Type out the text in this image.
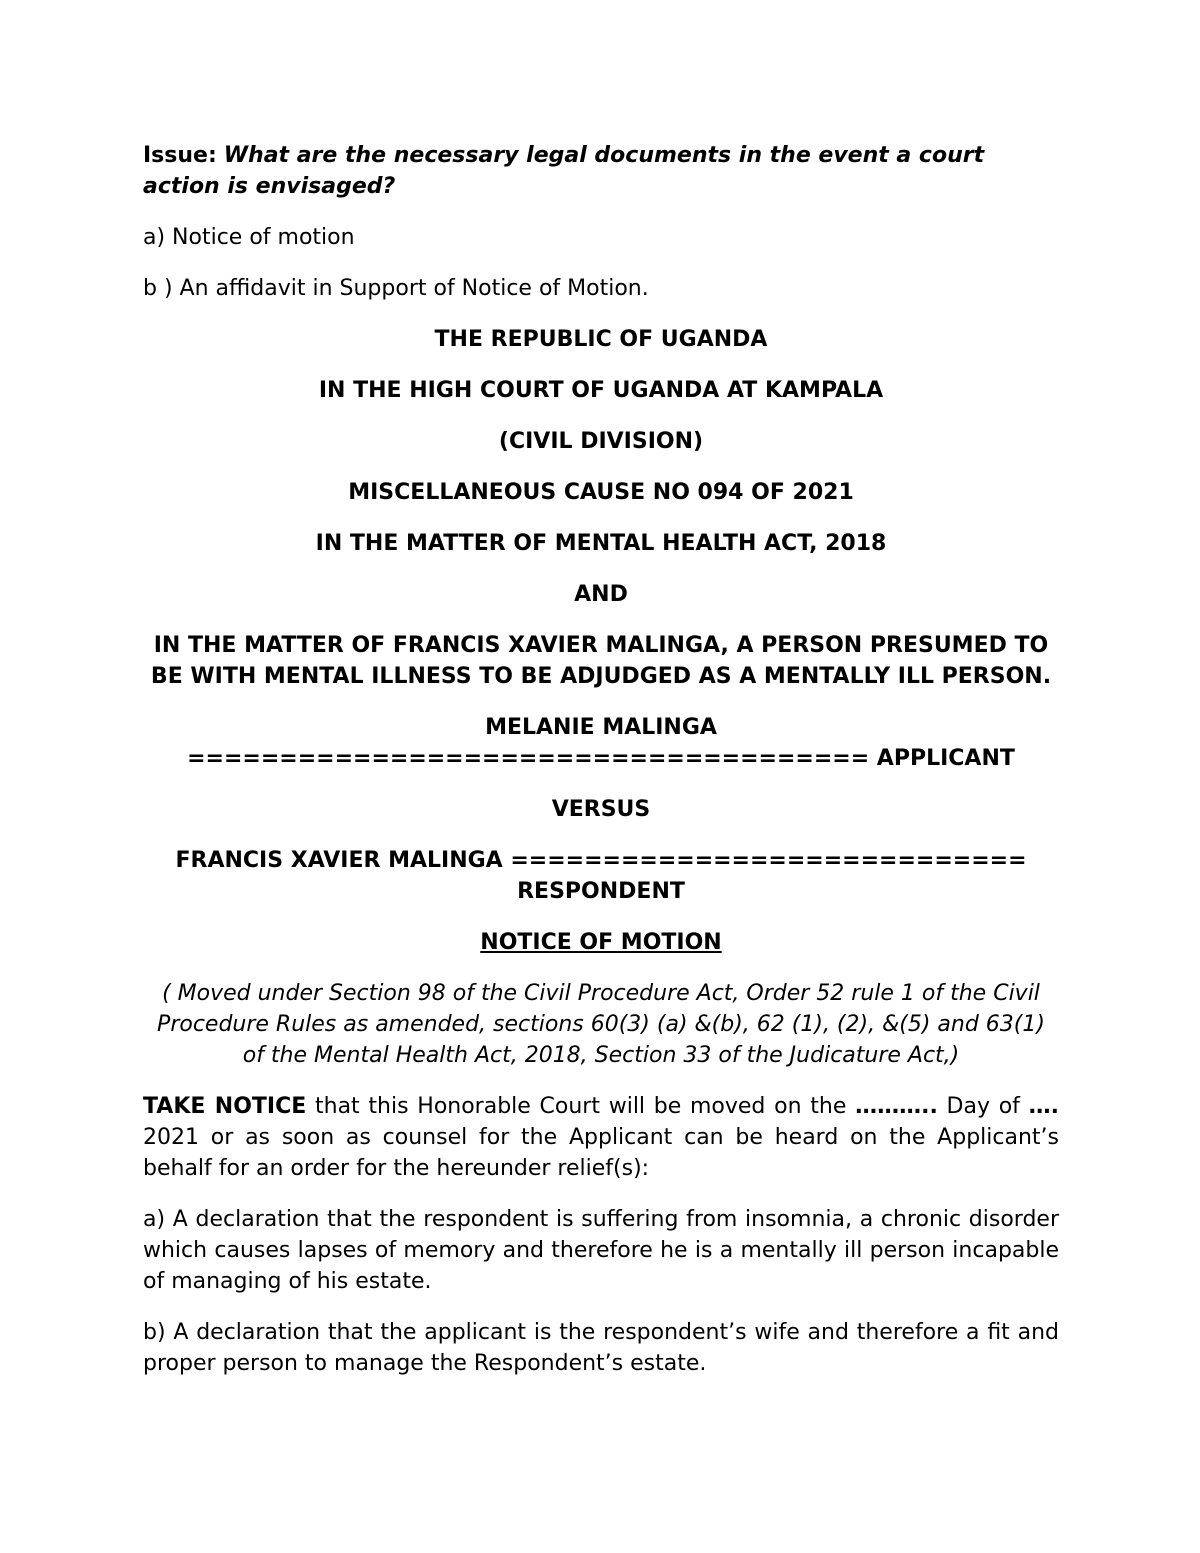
Issue: What are the necessary legal documents in the event a court action is envisaged?

a) Notice of motion

b ) An affidavit in Support of Notice of Motion.

THE REPUBLIC OF UGANDA

IN THE HIGH COURT OF UGANDA AT KAMPALA

(CIVIL DIVISION)

MISCELLANEOUS CAUSE NO 094 OF 2021

IN THE MATTER OF MENTAL HEALTH ACT, 2018

AND

IN THE MATTER OF FRANCIS XAVIER MALINGA, A PERSON PRESUMED TO BE WITH MENTAL ILLNESS TO BE ADJUDGED AS A MENTALLY ILL PERSON.

MELANIE MALINGA
===================================== APPLICANT

VERSUS

FRANCIS XAVIER MALINGA ============================
RESPONDENT

NOTICE OF MOTION

( Moved under Section 98 of the Civil Procedure Act, Order 52 rule 1 of the Civil Procedure Rules as amended, sections 60(3) (a) &(b), 62 (1), (2), &(5) and 63(1) of the Mental Health Act, 2018, Section 33 of the Judicature Act,)

TAKE NOTICE that this Honorable Court will be moved on the ……….. Day of …. 2021 or as soon as counsel for the Applicant can be heard on the Applicant’s behalf for an order for the hereunder relief(s):

a) A declaration that the respondent is suffering from insomnia, a chronic disorder which causes lapses of memory and therefore he is a mentally ill person incapable of managing of his estate.

b) A declaration that the applicant is the respondent’s wife and therefore a fit and proper person to manage the Respondent’s estate.
